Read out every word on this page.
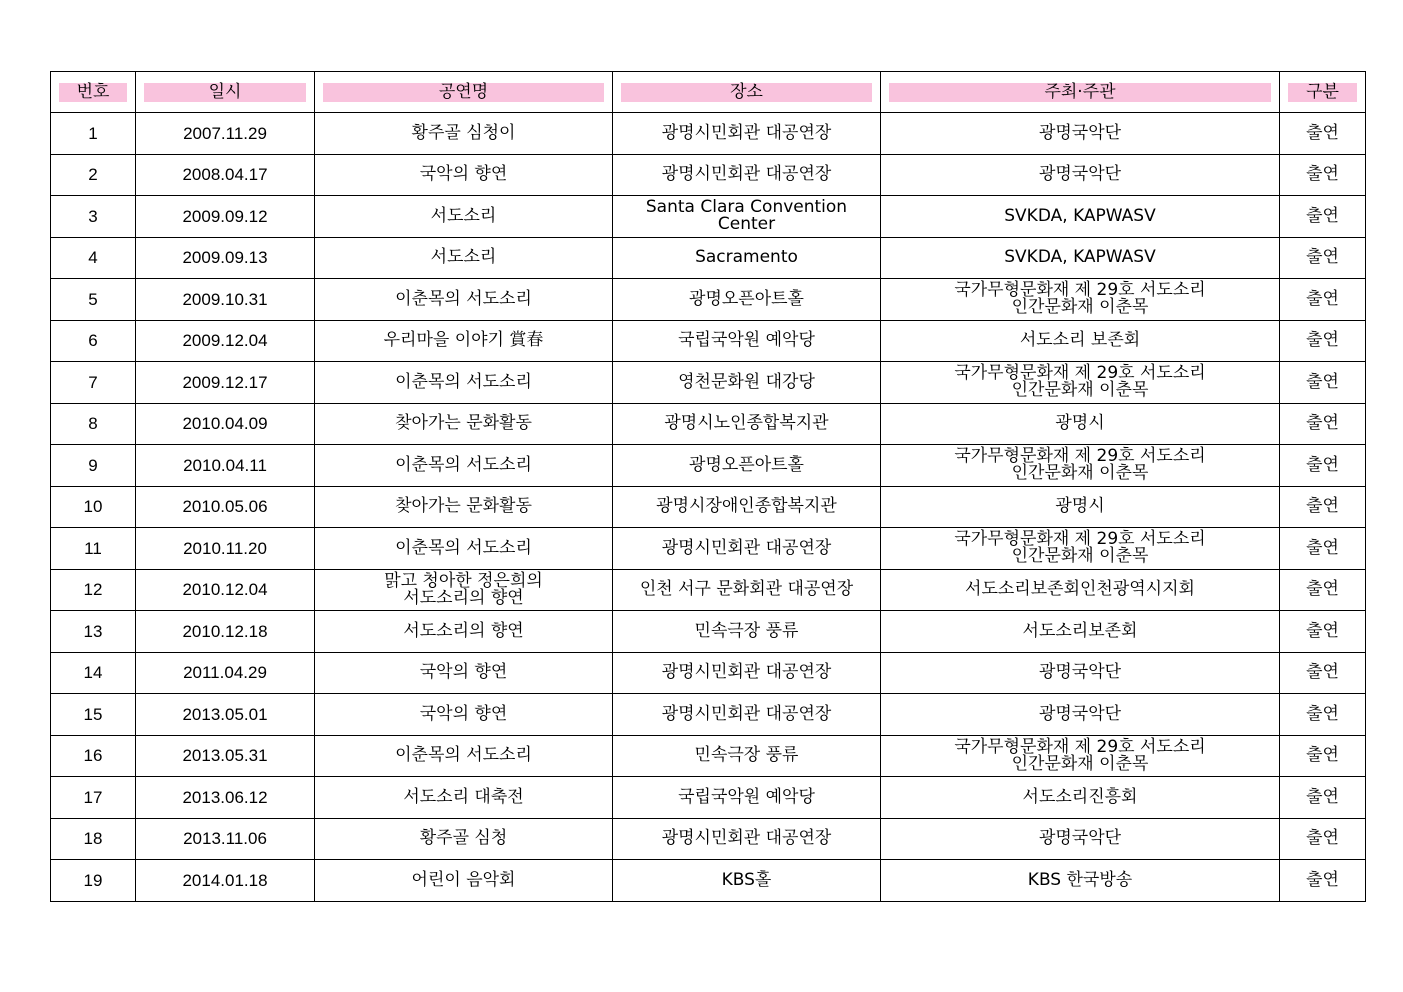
번호	일시	공연명	장소	주최·주관	구분

1	2007.11.29	황주골 심청이	광명시민회관 대공연장	광명국악단	출연
2	2008.04.17	국악의 향연	광명시민회관 대공연장	광명국악단	출연
3	2009.09.12	서도소리	Santa Clara Convention
Center	SVKDA, KAPWASV	출연
4	2009.09.13	서도소리	Sacramento	SVKDA, KAPWASV	출연
5	2009.10.31	이춘목의 서도소리	광명오픈아트홀	국가무형문화재 제 29호 서도소리
인간문화재 이춘목	출연
6	2009.12.04	우리마을 이야기 賞春	국립국악원 예악당	서도소리 보존회	출연
7	2009.12.17	이춘목의 서도소리	영천문화원 대강당	국가무형문화재 제 29호 서도소리
인간문화재 이춘목	출연
8	2010.04.09	찾아가는 문화활동	광명시노인종합복지관	광명시	출연
9	2010.04.11	이춘목의 서도소리	광명오픈아트홀	국가무형문화재 제 29호 서도소리
인간문화재 이춘목	출연
10	2010.05.06	찾아가는 문화활동	광명시장애인종합복지관	광명시	출연
11	2010.11.20	이춘목의 서도소리	광명시민회관 대공연장	국가무형문화재 제 29호 서도소리
인간문화재 이춘목	출연
12	2010.12.04	맑고 청아한 정은희의
서도소리의 향연	인천 서구 문화회관 대공연장	서도소리보존회인천광역시지회	출연
13	2010.12.18	서도소리의 향연	민속극장 풍류	서도소리보존회	출연
14	2011.04.29	국악의 향연	광명시민회관 대공연장	광명국악단	출연
15	2013.05.01	국악의 향연	광명시민회관 대공연장	광명국악단	출연
16	2013.05.31	이춘목의 서도소리	민속극장 풍류	국가무형문화재 제 29호 서도소리
인간문화재 이춘목	출연
17	2013.06.12	서도소리 대축전	국립국악원 예악당	서도소리진흥회	출연
18	2013.11.06	황주골 심청	광명시민회관 대공연장	광명국악단	출연
19	2014.01.18	어린이 음악회	KBS홀	KBS 한국방송	출연
